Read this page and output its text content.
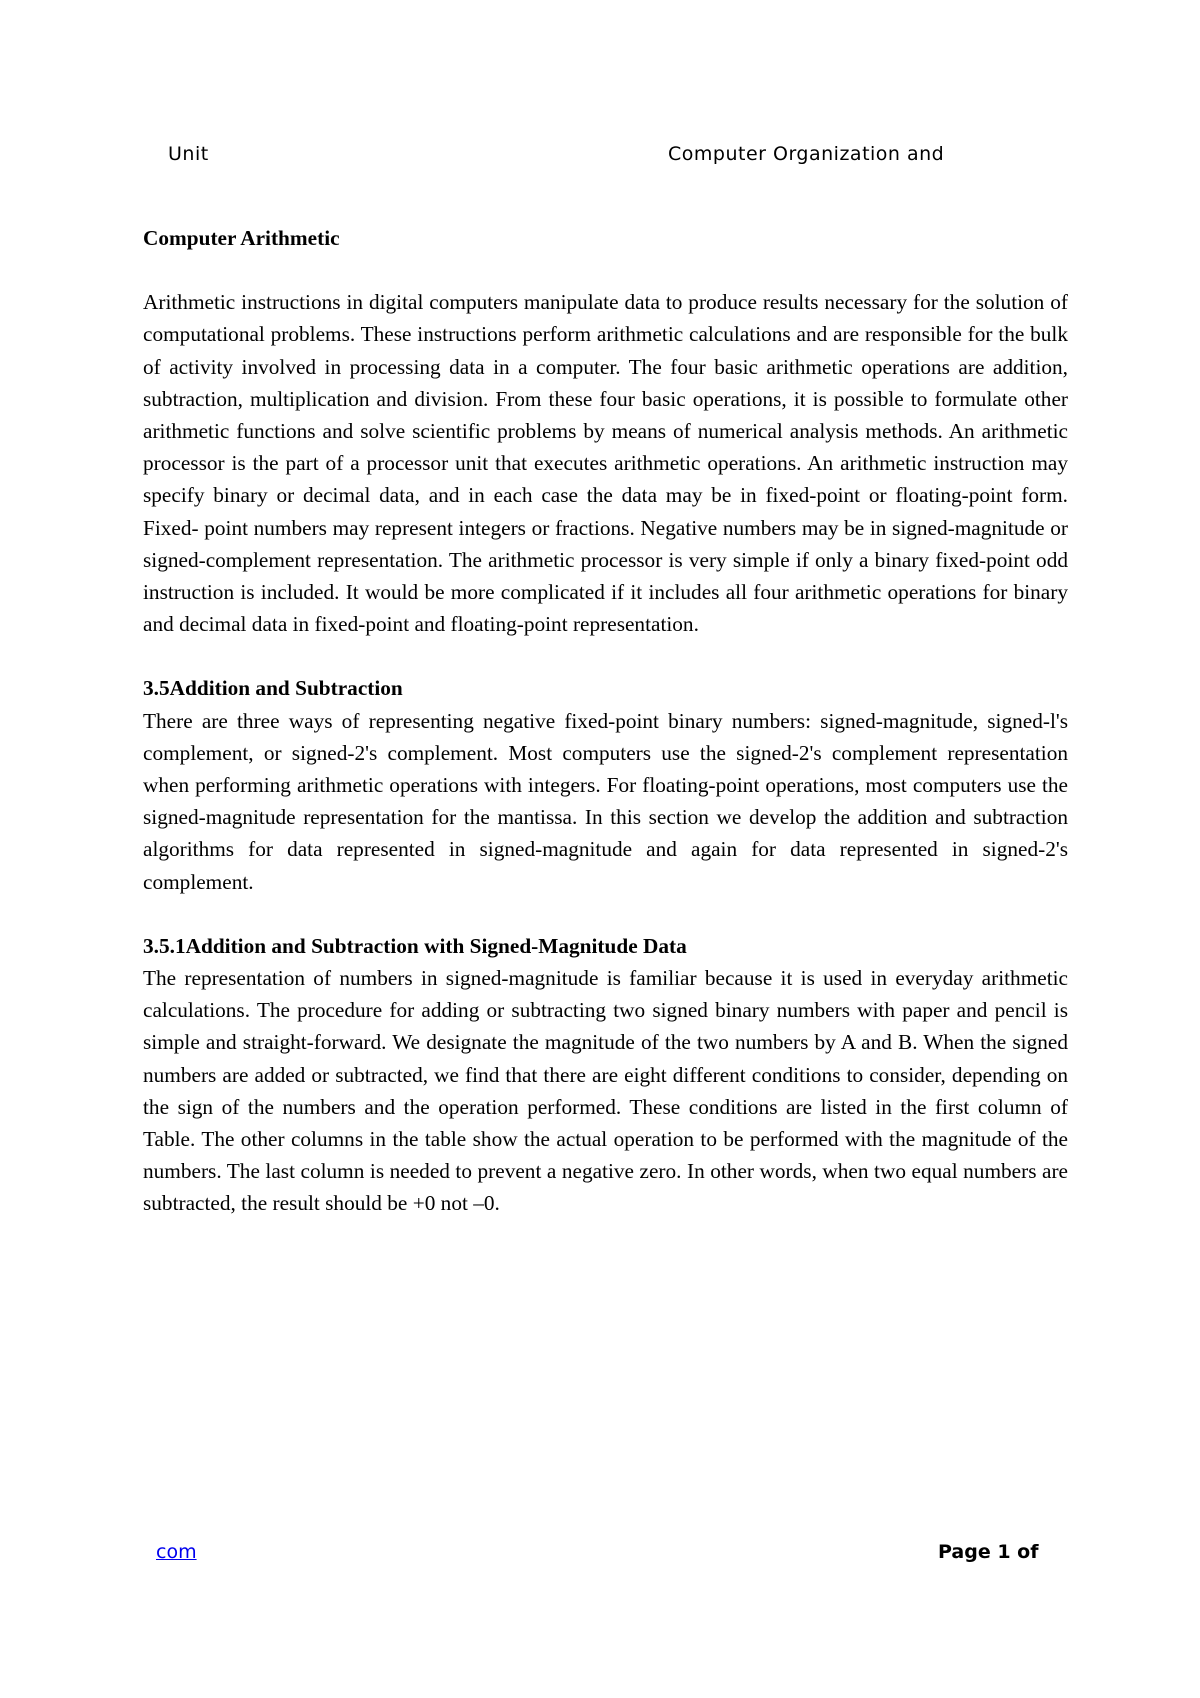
Unit	Computer Organization and
Computer Arithmetic

Arithmetic instructions in digital computers manipulate data to produce results necessary for the solution of computational problems. These instructions perform arithmetic calculations and are responsible for the bulk of activity involved in processing data in a computer. The four basic arithmetic operations are addition, subtraction, multiplication and division. From these four basic operations, it is possible to formulate other arithmetic functions and solve scientific problems by means of numerical analysis methods. An arithmetic processor is the part of a processor unit that executes arithmetic operations. An arithmetic instruction may specify binary or decimal data, and in each case the data may be in fixed-point or floating-point form. Fixed- point numbers may represent integers or fractions. Negative numbers may be in signed-magnitude or signed-complement representation. The arithmetic processor is very simple if only a binary fixed-point odd instruction is included. It would be more complicated if it includes all four arithmetic operations for binary and decimal data in fixed-point and floating-point representation.

3.5Addition and Subtraction

There are three ways of representing negative fixed-point binary numbers: signed-magnitude, signed-l's complement, or signed-2's complement. Most computers use the signed-2's complement representation when performing arithmetic operations with integers. For floating-point operations, most computers use the signed-magnitude representation for the mantissa. In this section we develop the addition and subtraction algorithms for data represented in signed-magnitude and again for data represented in signed-2's complement.

3.5.1Addition and Subtraction with Signed-Magnitude Data

The representation of numbers in signed-magnitude is familiar because it is used in everyday arithmetic calculations. The procedure for adding or subtracting two signed binary numbers with paper and pencil is simple and straight-forward. We designate the magnitude of the two numbers by A and B. When the signed numbers are added or subtracted, we find that there are eight different conditions to consider, depending on the sign of the numbers and the operation performed. These conditions are listed in the first column of Table. The other columns in the table show the actual operation to be performed with the magnitude of the numbers. The last column is needed to prevent a negative zero. In other words, when two equal numbers are subtracted, the result should be +0 not –0.

com	Page 1 of
